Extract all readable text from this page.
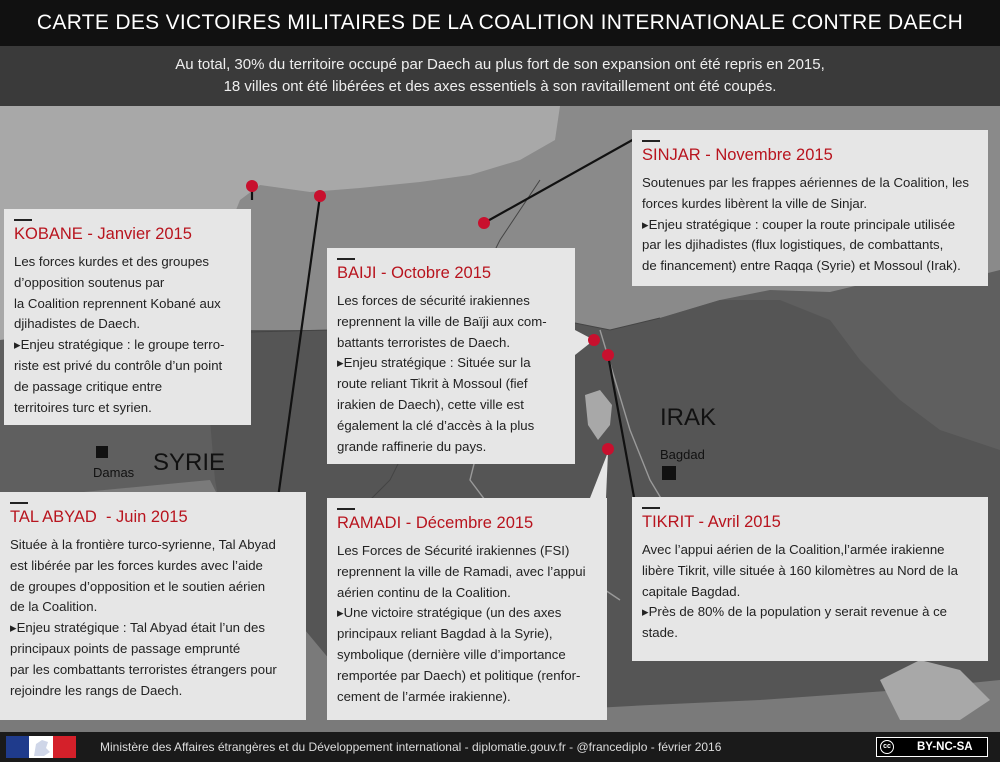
CARTE DES VICTOIRES MILITAIRES DE LA COALITION INTERNATIONALE CONTRE DAECH
Au total, 30% du territoire occupé par Daech au plus fort de son expansion ont été repris en 2015,
18 villes ont été libérées et des axes essentiels à son ravitaillement ont été coupés.
SYRIE
IRAK
Damas
Bagdad
KOBANE - Janvier 2015

Les forces kurdes et des groupes
d’opposition soutenus par
la Coalition reprennent Kobané aux
djihadistes de Daech.
▸Enjeu stratégique : le groupe terro-
riste est privé du contrôle d’un point
de passage critique entre
territoires turc et syrien.

BAIJI - Octobre 2015

Les forces de sécurité irakiennes
reprennent la ville de Baïji aux com-
battants terroristes de Daech.
▸Enjeu stratégique : Située sur la
route reliant Tikrit à Mossoul (fief
irakien de Daech), cette ville est
également la clé d’accès à la plus
grande raffinerie du pays.

SINJAR - Novembre 2015

Soutenues par les frappes aériennes de la Coalition, les
forces kurdes libèrent la ville de Sinjar.
▸Enjeu stratégique : couper la route principale utilisée
par les djihadistes (flux logistiques, de combattants,
de financement) entre Raqqa (Syrie) et Mossoul (Irak).

TAL ABYAD  - Juin 2015

Située à la frontière turco-syrienne, Tal Abyad
est libérée par les forces kurdes avec l’aide
de groupes d’opposition et le soutien aérien
de la Coalition.
▸Enjeu stratégique : Tal Abyad était l’un des
principaux points de passage emprunté
par les combattants terroristes étrangers pour
rejoindre les rangs de Daech.

RAMADI - Décembre 2015

Les Forces de Sécurité irakiennes (FSI)
reprennent la ville de Ramadi, avec l’appui
aérien continu de la Coalition.
▸Une victoire stratégique (un des axes
principaux reliant Bagdad à la Syrie),
symbolique (dernière ville d’importance
remportée par Daech) et politique (renfor-
cement de l’armée irakienne).

TIKRIT - Avril 2015

Avec l’appui aérien de la Coalition,l’armée irakienne
libère Tikrit, ville située à 160 kilomètres au Nord de la
capitale Bagdad.
▸Près de 80% de la population y serait revenue à ce
stade.

Ministère des Affaires étrangères et du Développement international - diplomatie.gouv.fr - @francediplo - février 2016	cc BY-NC-SA
